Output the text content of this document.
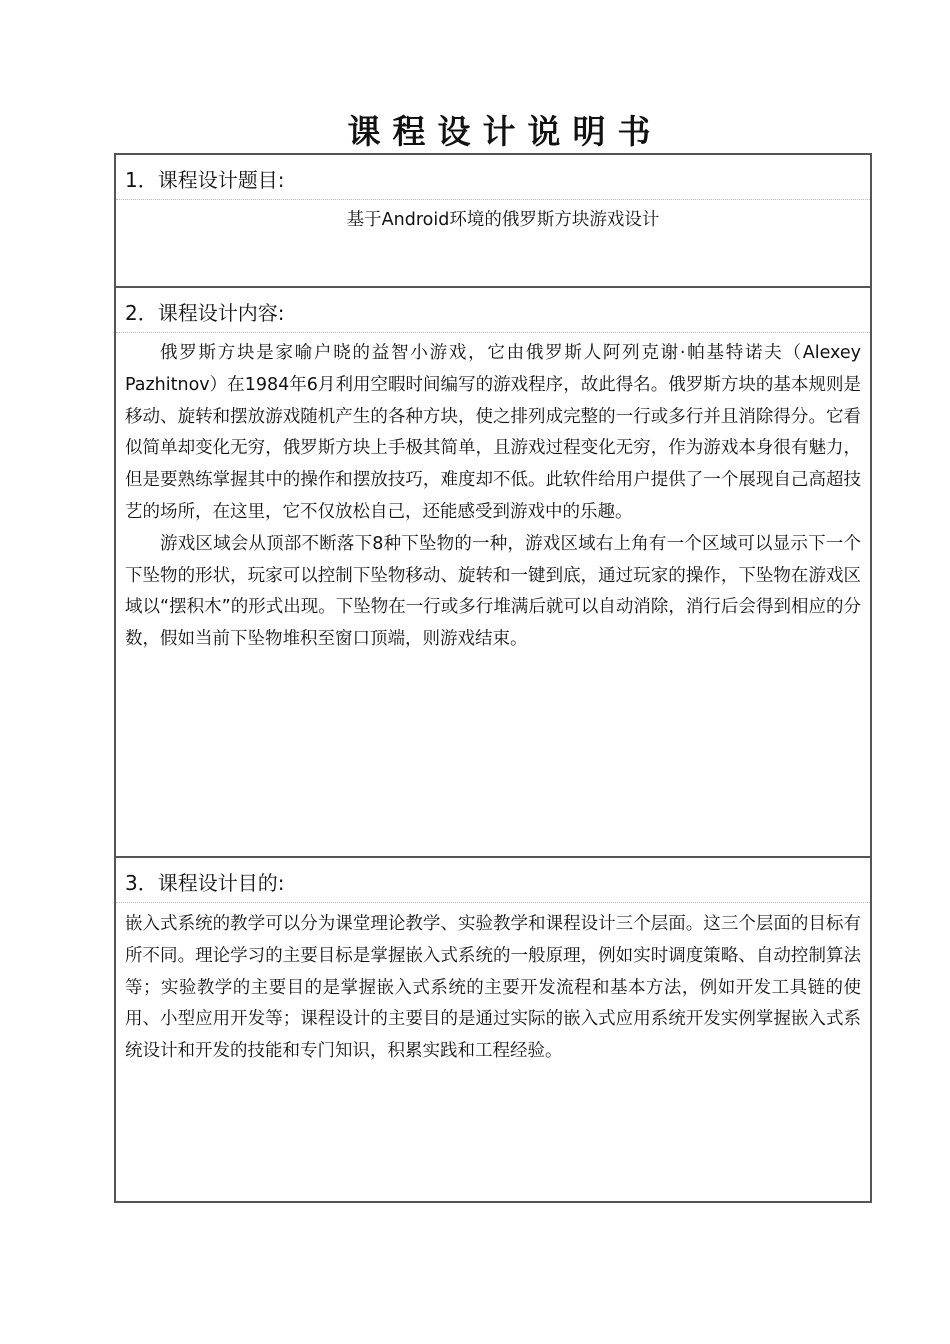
课程设计说明书
1．课程设计题目:
基于Android环境的俄罗斯方块游戏设计
2．课程设计内容:

俄罗斯方块是家喻户晓的益智小游戏，它由俄罗斯人阿列克谢·帕基特诺夫（Alexey Pazhitnov）在1984年6月利用空暇时间编写的游戏程序，故此得名。俄罗斯方块的基本规则是移动、旋转和摆放游戏随机产生的各种方块，使之排列成完整的一行或多行并且消除得分。它看似简单却变化无穷，俄罗斯方块上手极其简单，且游戏过程变化无穷，作为游戏本身很有魅力，但是要熟练掌握其中的操作和摆放技巧，难度却不低。此软件给用户提供了一个展现自己高超技艺的场所，在这里，它不仅放松自己，还能感受到游戏中的乐趣。

游戏区域会从顶部不断落下8种下坠物的一种，游戏区域右上角有一个区域可以显示下一个下坠物的形状，玩家可以控制下坠物移动、旋转和一键到底，通过玩家的操作，下坠物在游戏区域以“摆积木”的形式出现。下坠物在一行或多行堆满后就可以自动消除，消行后会得到相应的分数，假如当前下坠物堆积至窗口顶端，则游戏结束。

3．课程设计目的:

嵌入式系统的教学可以分为课堂理论教学、实验教学和课程设计三个层面。这三个层面的目标有所不同。理论学习的主要目标是掌握嵌入式系统的一般原理，例如实时调度策略、自动控制算法等；实验教学的主要目的是掌握嵌入式系统的主要开发流程和基本方法，例如开发工具链的使用、小型应用开发等；课程设计的主要目的是通过实际的嵌入式应用系统开发实例掌握嵌入式系统设计和开发的技能和专门知识，积累实践和工程经验。
